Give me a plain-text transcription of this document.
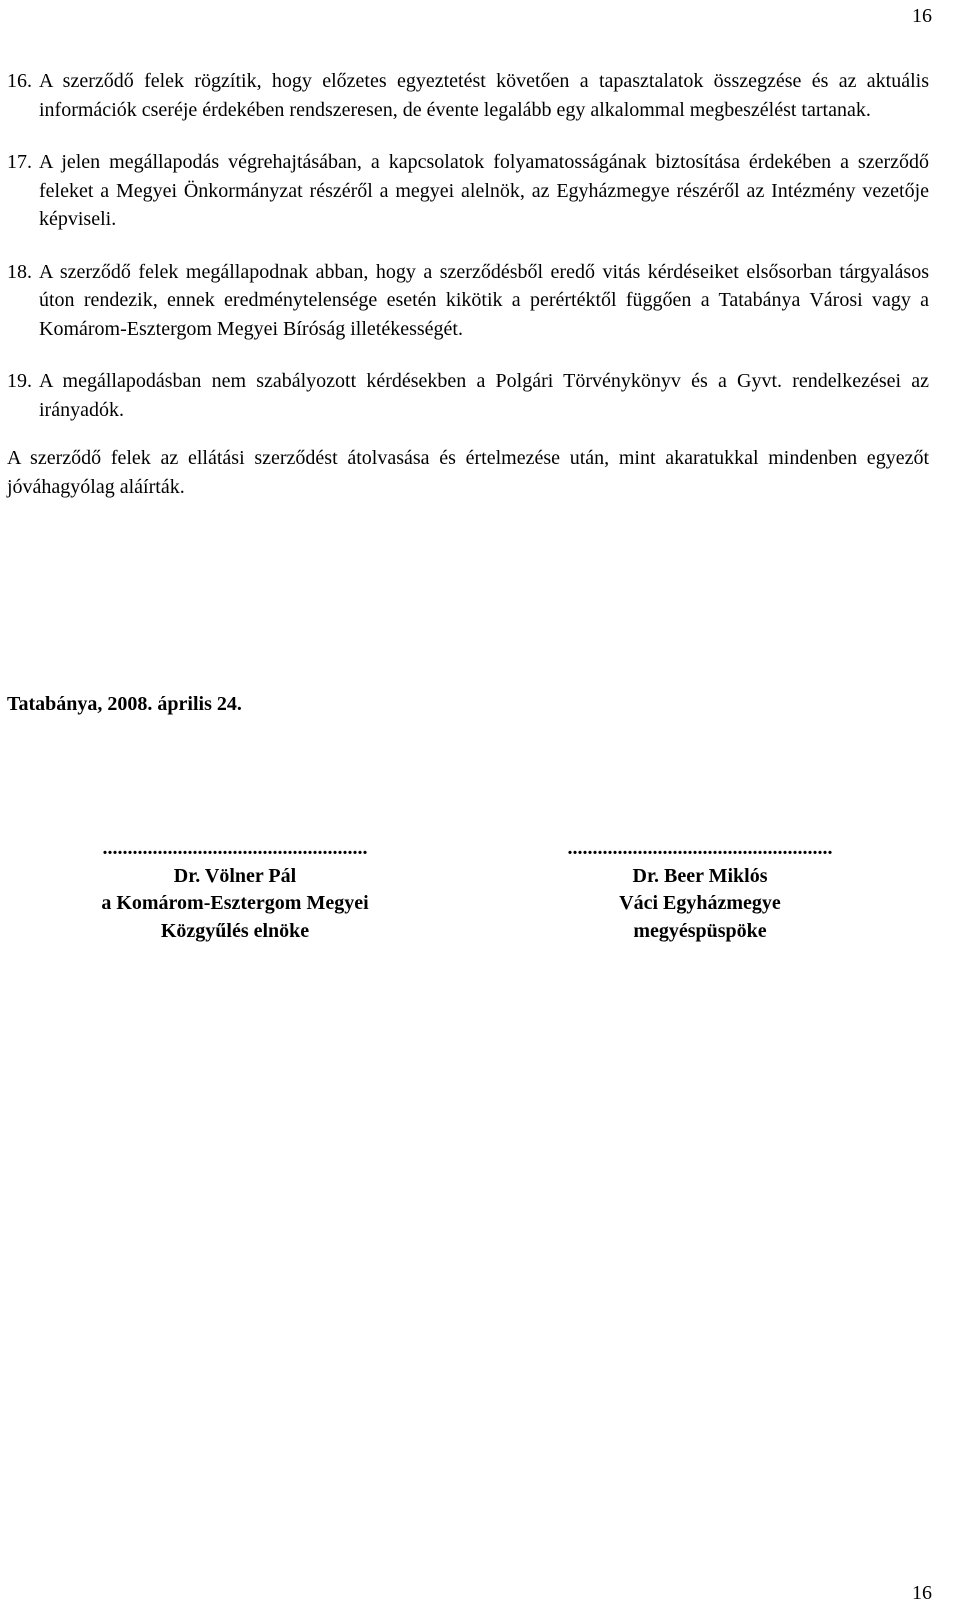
16
16. A szerződő felek rögzítik, hogy előzetes egyeztetést követően a tapasztalatok összegzése és az aktuális információk cseréje érdekében rendszeresen, de évente legalább egy alkalommal megbeszélést tartanak.
17. A jelen megállapodás végrehajtásában, a kapcsolatok folyamatosságának biztosítása érdekében a szerződő feleket a Megyei Önkormányzat részéről a megyei alelnök, az Egyházmegye részéről az Intézmény vezetője képviseli.
18. A szerződő felek megállapodnak abban, hogy a szerződésből eredő vitás kérdéseiket elsősorban tárgyalásos úton rendezik, ennek eredménytelensége esetén kikötik a perértéktől függően a Tatabánya Városi vagy a Komárom-Esztergom Megyei Bíróság illetékességét.
19. A megállapodásban nem szabályozott kérdésekben a Polgári Törvénykönyv és a Gyvt. rendelkezései az irányadók.
A szerződő felek az ellátási szerződést átolvasása és értelmezése után, mint akaratukkal mindenben egyezőt jóváhagyólag aláírták.
Tatabánya, 2008. április 24.
.....................................................
Dr. Völner Pál
a Komárom-Esztergom Megyei
Közgyűlés elnöke
.....................................................
Dr. Beer Miklós
Váci Egyházmegye
megyéspüspöke
16
